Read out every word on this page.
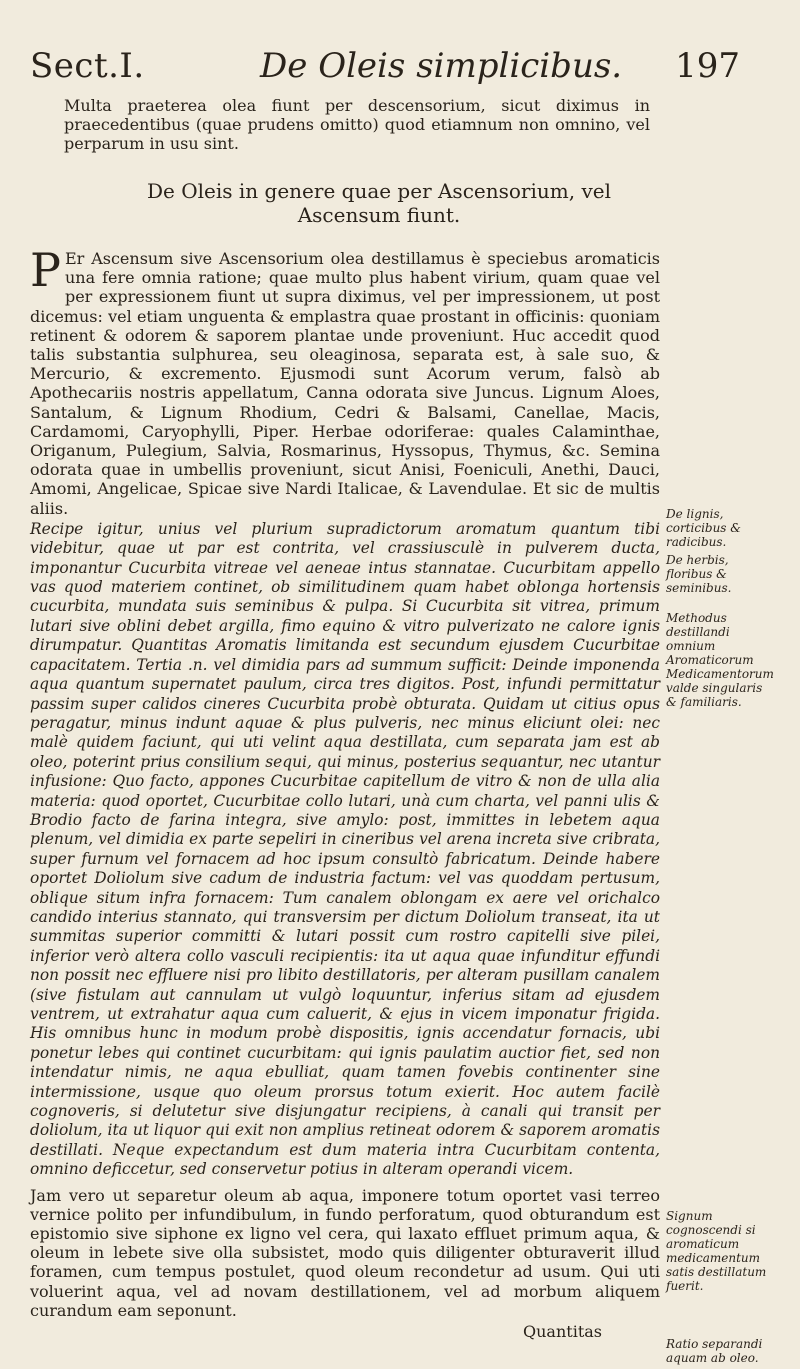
Sect.I.	De Oleis simplicibus. 197
Multa praeterea olea fiunt per descensorium, sicut diximus in praecedentibus (quae prudens omitto) quod etiamnum non omnino, vel perparum in usu sint.
De Oleis in genere quae per Ascensorium, vel Ascensum fiunt.
P Er Ascensum sive Ascensorium olea destillamus è speciebus aromaticis una fere omnia ratione; quae multo plus habent virium, quam quae vel per expressionem fiunt ut supra diximus, vel per impressionem, ut post dicemus: vel etiam unguenta & emplastra quae prostant in officinis: quoniam retinent & odorem & saporem plantae unde proveniunt. Huc accedit quod talis substantia sulphurea, seu oleaginosa, separata est, à sale suo, & Mercurio, & excremento. Ejusmodi sunt Acorum verum, falsò ab Apothecariis nostris appellatum, Canna odorata sive Juncus. Lignum Aloes, Santalum, & Lignum Rhodium, Cedri & Balsami, Canellae, Macis, Cardamomi, Caryophylli, Piper. Herbae odoriferae: quales Calaminthae, Origanum, Pulegium, Salvia, Rosmarinus, Hyssopus, Thymus, &c. Semina odorata quae in umbellis proveniunt, sicut Anisi, Foeniculi, Anethi, Dauci, Amomi, Angelicae, Spicae sive Nardi Italicae, & Lavendulae. Et sic de multis aliis.
Recipe igitur, unius vel plurium supradictorum aromatum quantum tibi videbitur, quae ut par est contrita, vel crassiusculè in pulverem ducta, imponantur Cucurbita vitreae vel aeneae intus stannatae. Cucurbitam appello vas quod materiem continet, ob similitudinem quam habet oblonga hortensis cucurbita, mundata suis seminibus & pulpa. Si Cucurbita sit vitrea, primum lutari sive oblini debet argilla, fimo equino & vitro pulverizato ne calore ignis dirumpatur. Quantitas Aromatis limitanda est secundum ejusdem Cucurbitae capacitatem. Tertia .n. vel dimidia pars ad summum sufficit: Deinde imponenda aqua quantum supernatet paulum, circa tres digitos. Post, infundi permittatur passim super calidos cineres Cucurbita probè obturata. Quidam ut citius opus peragatur, minus indunt aquae & plus pulveris, nec minus eliciunt olei: nec malè quidem faciunt, qui uti velint aqua destillata, cum separata jam est ab oleo, poterint prius consilium sequi, qui minus, posterius sequantur, nec utantur infusione: Quo facto, appones Cucurbitae capitellum de vitro & non de ulla alia materia: quod oportet, Cucurbitae collo lutari, unà cum charta, vel panni ulis & Brodio facto de farina integra, sive amylo: post, immittes in lebetem aqua plenum, vel dimidia ex parte sepeliri in cineribus vel arena increta sive cribrata, super furnum vel fornacem ad hoc ipsum consultò fabricatum. Deinde habere oportet Doliolum sive cadum de industria factum: vel vas quoddam pertusum, oblique situm infra fornacem: Tum canalem oblongam ex aere vel orichalco candido interius stannato, qui transversim per dictum Doliolum transeat, ita ut summitas superior committi & lutari possit cum rostro capitelli sive pilei, inferior verò altera collo vasculi recipientis: ita ut aqua quae infunditur effundi non possit nec effluere nisi pro libito destillatoris, per alteram pusillam canalem (sive fistulam aut cannulam ut vulgò loquuntur, inferius sitam ad ejusdem ventrem, ut extrahatur aqua cum caluerit, & ejus in vicem imponatur frigida. His omnibus hunc in modum probè dispositis, ignis accendatur fornacis, ubi ponetur lebes qui continet cucurbitam: qui ignis paulatim auctior fiet, sed non intendatur nimis, ne aqua ebulliat, quam tamen fovebis continenter sine intermissione, usque quo oleum prorsus totum exierit. Hoc autem facilè cognoveris, si delutetur sive disjungatur recipiens, à canali qui transit per doliolum, ita ut liquor qui exit non amplius retineat odorem & saporem aromatis destillati. Neque expectandum est dum materia intra Cucurbitam contenta, omnino deficcetur, sed conservetur potius in alteram operandi vicem.
Jam vero ut separetur oleum ab aqua, imponere totum oportet vasi terreo vernice polito per infundibulum, in fundo perforatum, quod obturandum est epistomio sive siphone ex ligno vel cera, qui laxato effluet primum aqua, & oleum in lebete sive olla subsistet, modo quis diligenter obturaverit illud foramen, cum tempus postulet, quod oleum recondetur ad usum. Qui uti voluerint aqua, vel ad novam destillationem, vel ad morbum aliquem curandum eam seponunt.
Quantitas
De lignis, corticibus & radicibus.
De herbis, floribus & seminibus.
Methodus destillandi omnium Aromaticorum Medicamentorum valde singularis & familiaris.
Signum cognoscendi si aromaticum medicamentum satis destillatum fuerit.
Ratio separandi aquam ab oleo.
